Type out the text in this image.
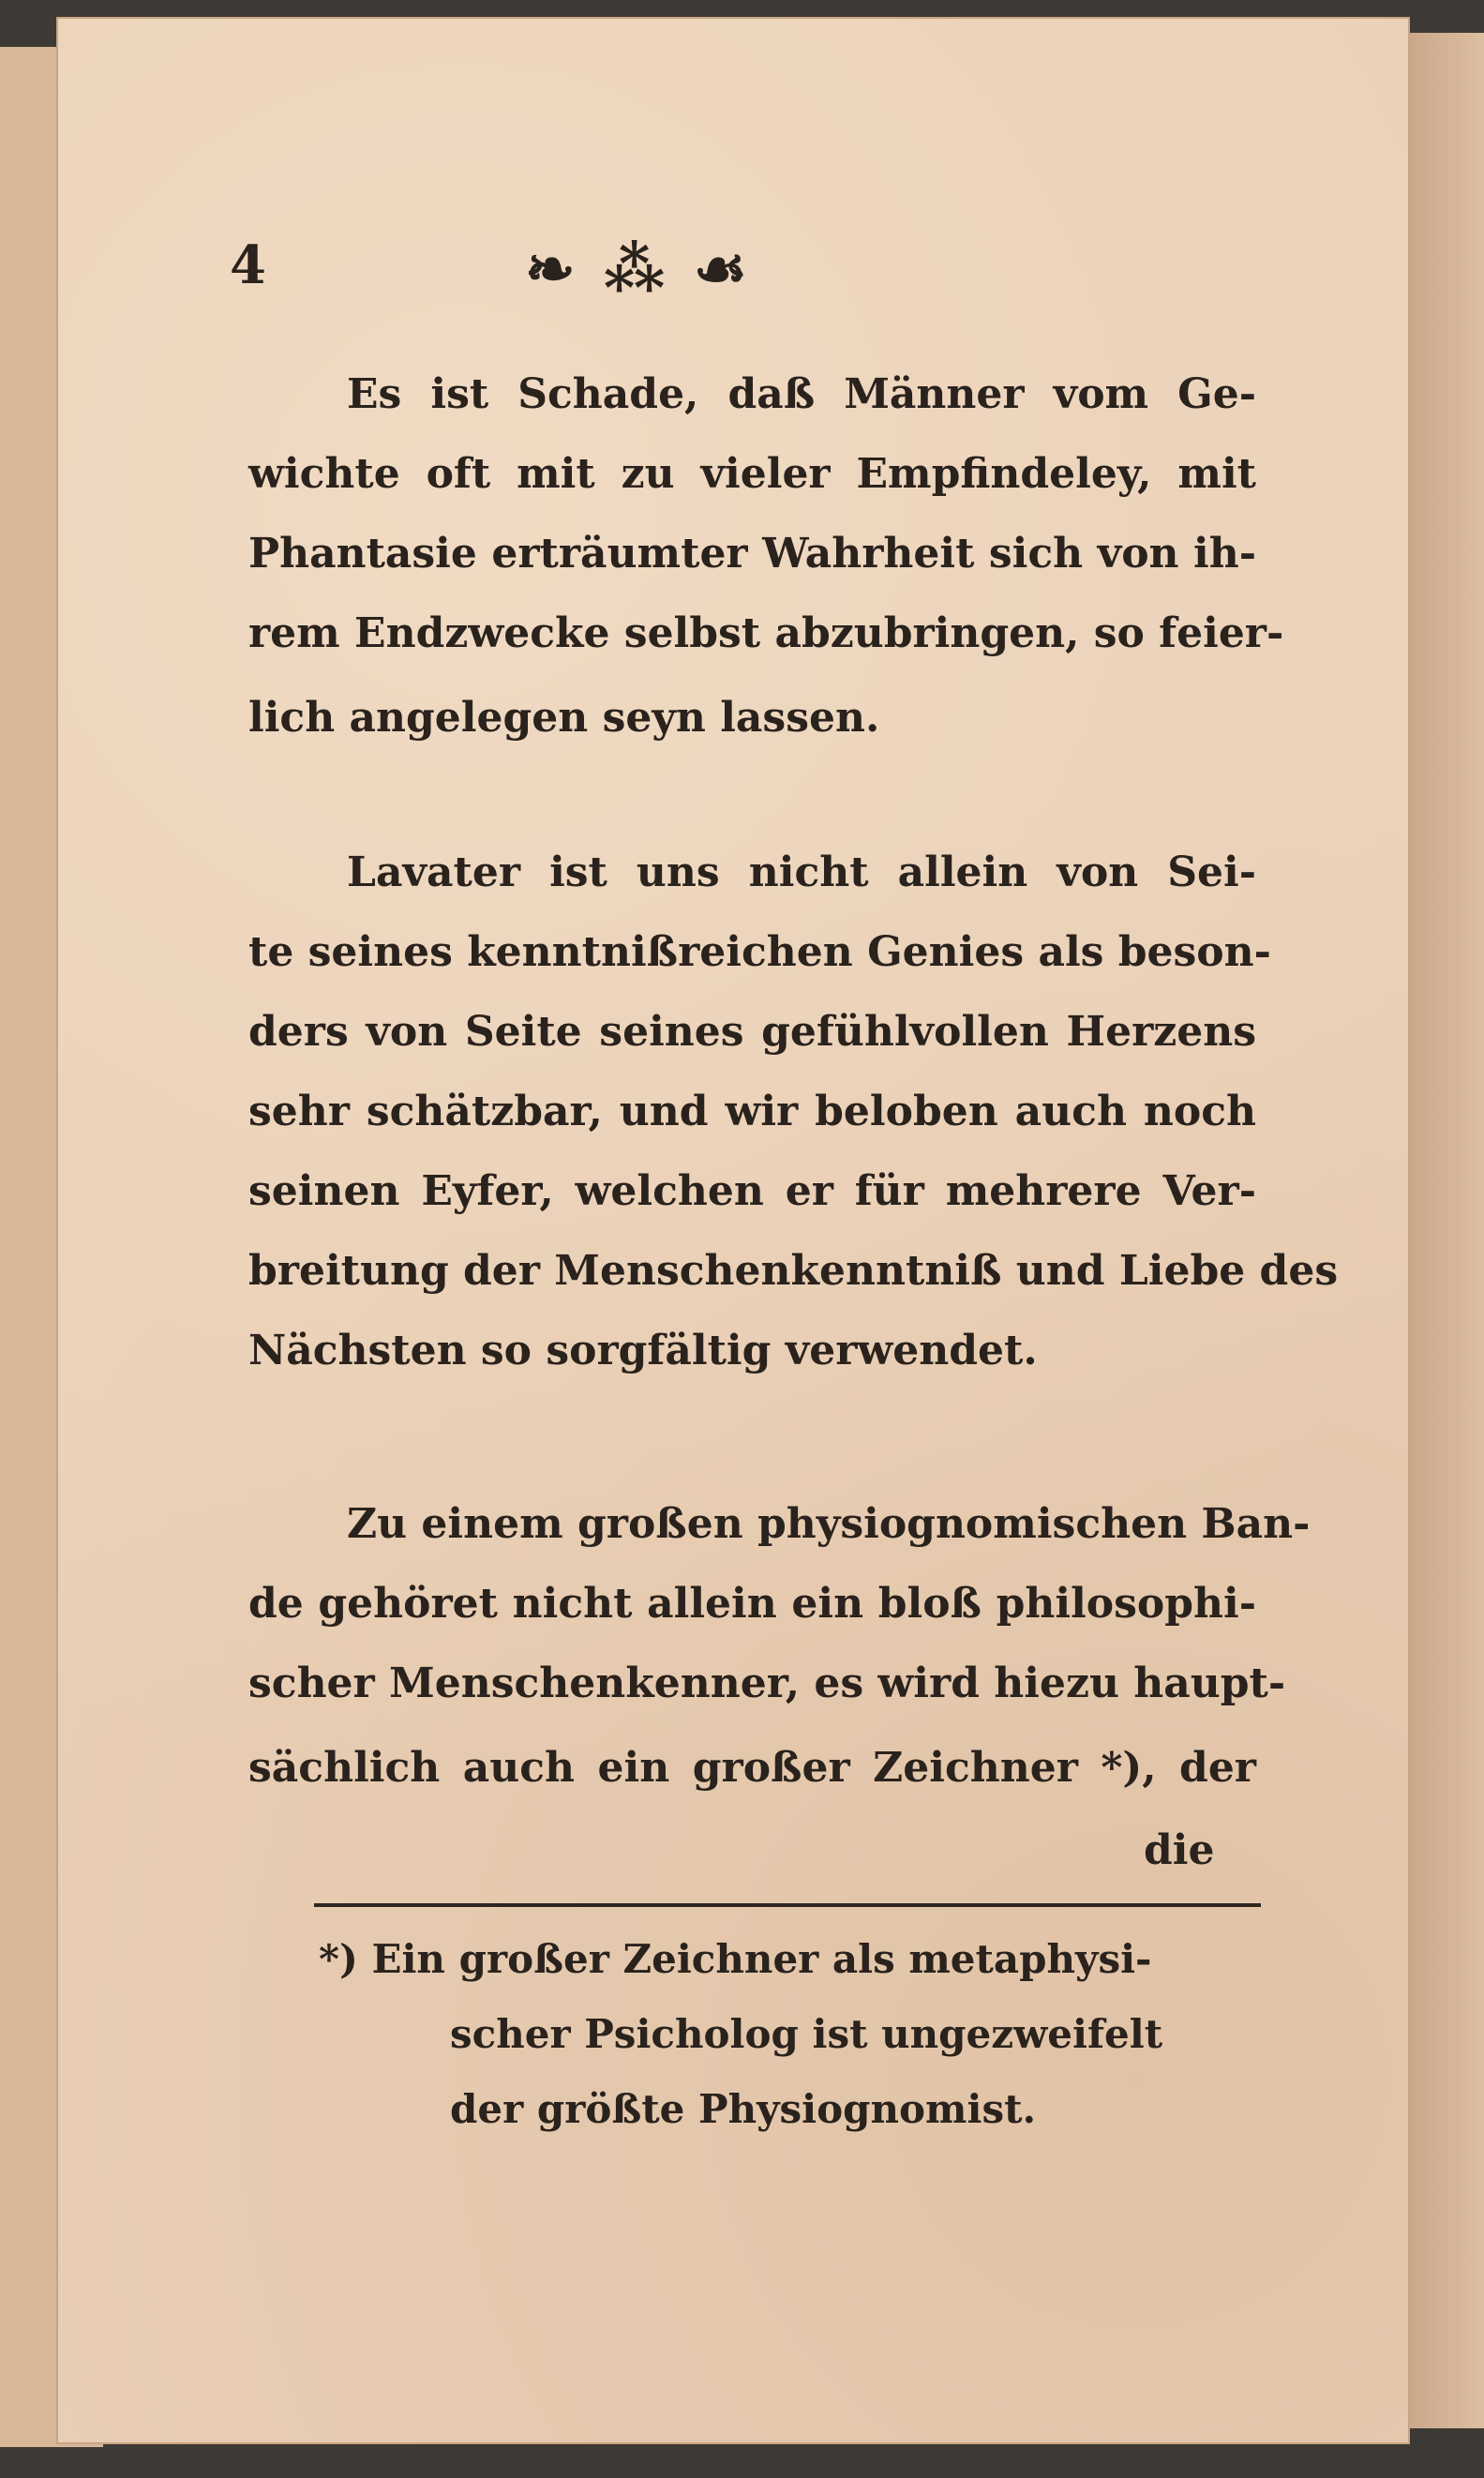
4	❧ ⁂ ☙
Es ist Schade, daß Männer vom Ge-
wichte oft mit zu vieler Empfindeley, mit
Phantasie erträumter Wahrheit sich von ih-
rem Endzwecke selbst abzubringen, so feier-
lich angelegen seyn lassen.
Lavater ist uns nicht allein von Sei-
te seines kenntnißreichen Genies als beson-
ders von Seite seines gefühlvollen Herzens
sehr schätzbar, und wir beloben auch noch
seinen Eyfer, welchen er für mehrere Ver-
breitung der Menschenkenntniß und Liebe des
Nächsten so sorgfältig verwendet.
Zu einem großen physiognomischen Ban-
de gehöret nicht allein ein bloß philosophi-
scher Menschenkenner, es wird hiezu haupt-
sächlich auch ein großer Zeichner *), der
die
*) Ein großer Zeichner als metaphysi-
scher Psicholog ist ungezweifelt
der größte Physiognomist.
